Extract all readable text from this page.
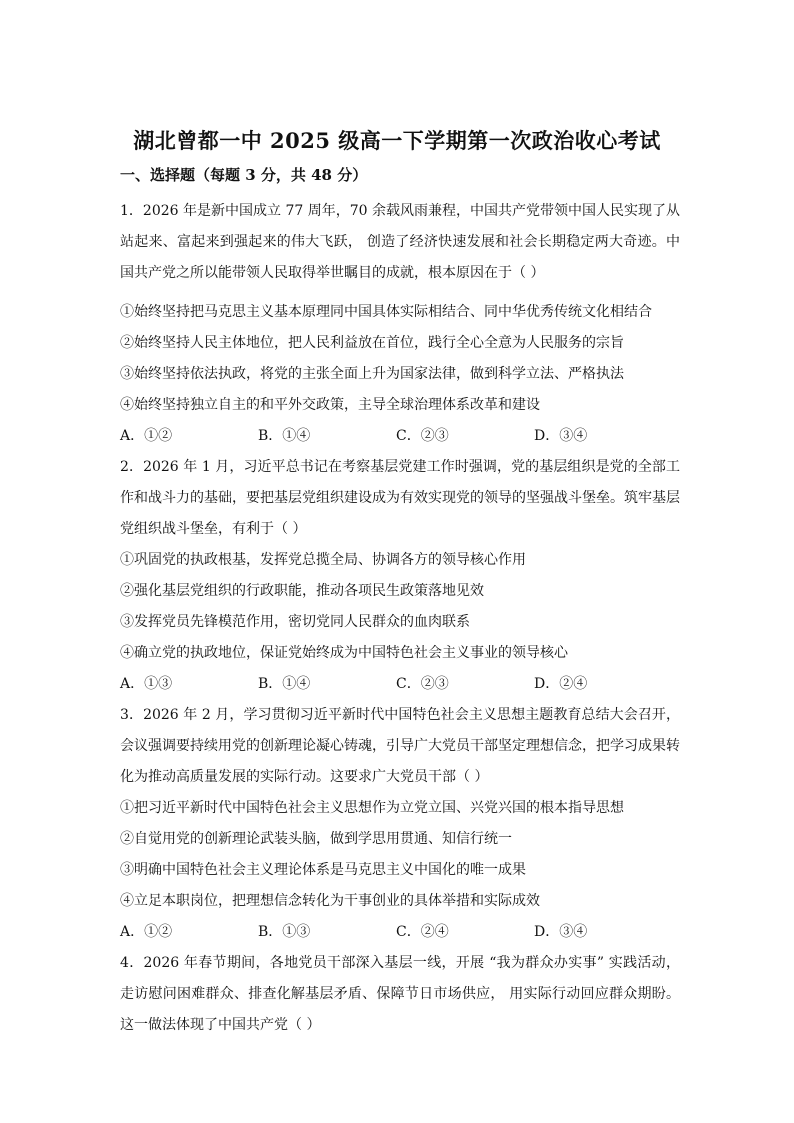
湖北曾都一中 2025 级高一下学期第一次政治收心考试
一、选择题（每题 3 分，共 48 分）

1．2026 年是新中国成立 77 周年，70 余载风雨兼程，中国共产党带领中国人民实现了从站起来、富起来到强起来的伟大飞跃， 创造了经济快速发展和社会长期稳定两大奇迹。中国共产党之所以能带领人民取得举世瞩目的成就，根本原因在于（ ）

①始终坚持把马克思主义基本原理同中国具体实际相结合、同中华优秀传统文化相结合

②始终坚持人民主体地位，把人民利益放在首位，践行全心全意为人民服务的宗旨

③始终坚持依法执政，将党的主张全面上升为国家法律，做到科学立法、严格执法

④始终坚持独立自主的和平外交政策，主导全球治理体系改革和建设

A．①②	B．①④	C．②③	D．③④

2．2026 年 1 月，习近平总书记在考察基层党建工作时强调，党的基层组织是党的全部工作和战斗力的基础，要把基层党组织建设成为有效实现党的领导的坚强战斗堡垒。筑牢基层党组织战斗堡垒，有利于（ ）

①巩固党的执政根基，发挥党总揽全局、协调各方的领导核心作用

②强化基层党组织的行政职能，推动各项民生政策落地见效

③发挥党员先锋模范作用，密切党同人民群众的血肉联系

④确立党的执政地位，保证党始终成为中国特色社会主义事业的领导核心

A．①③	B．①④	C．②③	D．②④

3．2026 年 2 月，学习贯彻习近平新时代中国特色社会主义思想主题教育总结大会召开，会议强调要持续用党的创新理论凝心铸魂，引导广大党员干部坚定理想信念，把学习成果转化为推动高质量发展的实际行动。这要求广大党员干部（ ）

①把习近平新时代中国特色社会主义思想作为立党立国、兴党兴国的根本指导思想

②自觉用党的创新理论武装头脑，做到学思用贯通、知信行统一

③明确中国特色社会主义理论体系是马克思主义中国化的唯一成果

④立足本职岗位，把理想信念转化为干事创业的具体举措和实际成效

A．①②	B．①③	C．②④	D．③④

4．2026 年春节期间，各地党员干部深入基层一线，开展 “我为群众办实事” 实践活动，走访慰问困难群众、排查化解基层矛盾、保障节日市场供应， 用实际行动回应群众期盼。这一做法体现了中国共产党（ ）
